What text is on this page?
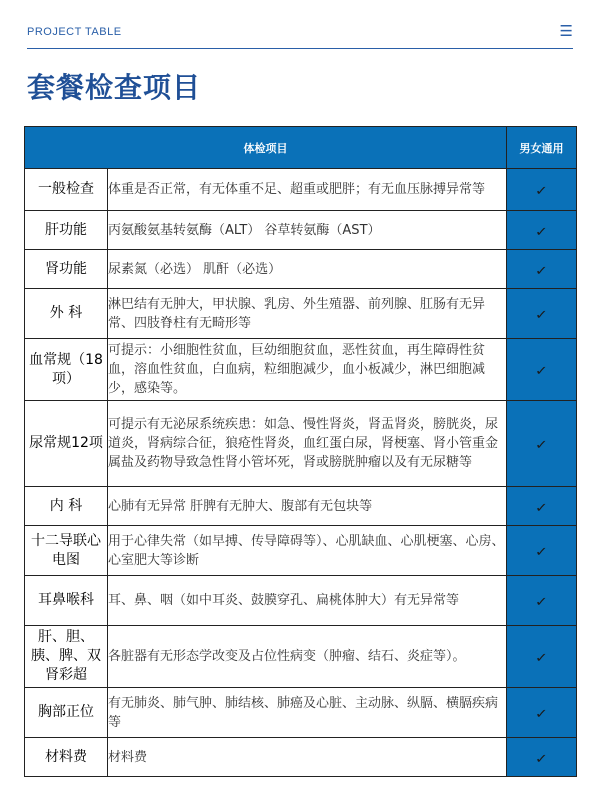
PROJECT TABLE	☰
套餐检查项目
体检项目		男女通用
一般检查	体重是否正常，有无体重不足、超重或肥胖；有无血压脉搏异常等	✓
肝功能	丙氨酸氨基转氨酶（ALT） 谷草转氨酶（AST）	✓
肾功能	尿素氮（必选） 肌酐（必选）	✓
外 科	淋巴结有无肿大，甲状腺、乳房、外生殖器、前列腺、肛肠有无异常、四肢脊柱有无畸形等	✓
血常规（18项）	可提示：小细胞性贫血，巨幼细胞贫血，恶性贫血，再生障碍性贫血，溶血性贫血，白血病，粒细胞减少，血小板减少，淋巴细胞减少，感染等。	✓
尿常规12项	可提示有无泌尿系统疾患：如急、慢性肾炎，肾盂肾炎，膀胱炎，尿道炎，肾病综合征，狼疮性肾炎，血红蛋白尿，肾梗塞、肾小管重金属盐及药物导致急性肾小管坏死，肾或膀胱肿瘤以及有无尿糖等	✓
内 科	心肺有无异常 肝脾有无肿大、腹部有无包块等	✓
十二导联心电图	用于心律失常（如早搏、传导障碍等）、心肌缺血、心肌梗塞、心房、心室肥大等诊断	✓
耳鼻喉科	耳、鼻、咽（如中耳炎、鼓膜穿孔、扁桃体肿大）有无异常等	✓
肝、胆、胰、脾、双肾彩超	各脏器有无形态学改变及占位性病变（肿瘤、结石、炎症等）。	✓
胸部正位	有无肺炎、肺气肿、肺结核、肺癌及心脏、主动脉、纵膈、横膈疾病等	✓
材料费	材料费	✓
